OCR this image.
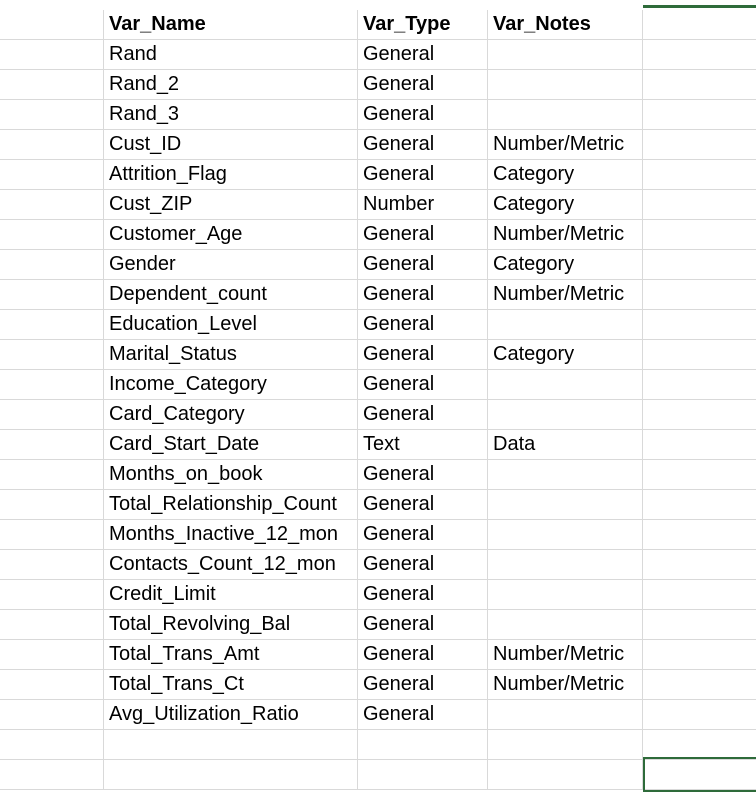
Var_Name	Var_Type	Var_Notes
Rand	General
Rand_2	General
Rand_3	General
Cust_ID	General	Number/Metric
Attrition_Flag	General	Category
Cust_ZIP	Number	Category
Customer_Age	General	Number/Metric
Gender	General	Category
Dependent_count	General	Number/Metric
Education_Level	General
Marital_Status	General	Category
Income_Category	General
Card_Category	General
Card_Start_Date	Text	Data
Months_on_book	General
Total_Relationship_Count	General
Months_Inactive_12_mon	General
Contacts_Count_12_mon	General
Credit_Limit	General
Total_Revolving_Bal	General
Total_Trans_Amt	General	Number/Metric
Total_Trans_Ct	General	Number/Metric
Avg_Utilization_Ratio	General
